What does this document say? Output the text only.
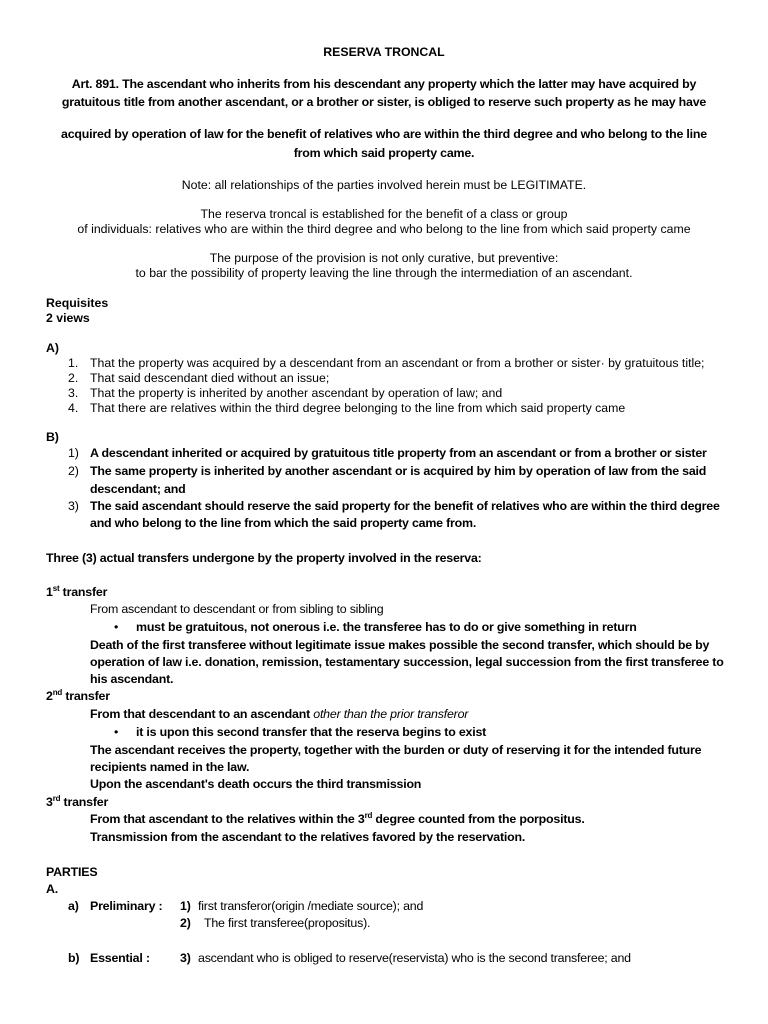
RESERVA TRONCAL
Art. 891. The ascendant who inherits from his descendant any property which the latter may have acquired by
gratuitous title from another ascendant, or a brother or sister, is obliged to reserve such property as he may have
acquired by operation of law for the benefit of relatives who are within the third degree and who belong to the line
from which said property came.
Note: all relationships of the parties involved herein must be LEGITIMATE.
The reserva troncal is established for the benefit of a class or group
of individuals: relatives who are within the third degree and who belong to the line from which said property came
The purpose of the provision is not only curative, but preventive:
to bar the possibility of property leaving the line through the intermediation of an ascendant.
Requisites
2 views
A)
1. That the property was acquired by a descendant from an ascendant or from a brother or sister· by gratuitous title;
2. That said descendant died without an issue;
3. That the property is inherited by another ascendant by operation of law; and
4. That there are relatives within the third degree belonging to the line from which said property came
B)
1) A descendant inherited or acquired by gratuitous title property from an ascendant or from a brother or sister
2) The same property is inherited by another ascendant or is acquired by him by operation of law from the said
descendant; and
3) The said ascendant should reserve the said property for the benefit of relatives who are within the third degree
and who belong to the line from which the said property came from.
Three (3) actual transfers undergone by the property involved in the reserva:
1st transfer
From ascendant to descendant or from sibling to sibling
• must be gratuitous, not onerous i.e. the transferee has to do or give something in return
Death of the first transferee without legitimate issue makes possible the second transfer, which should be by
operation of law i.e. donation, remission, testamentary succession, legal succession from the first transferee to
his ascendant.
2nd transfer
From that descendant to an ascendant other than the prior transferor
• it is upon this second transfer that the reserva begins to exist
The ascendant receives the property, together with the burden or duty of reserving it for the intended future
recipients named in the law.
Upon the ascendant's death occurs the third transmission
3rd transfer
From that ascendant to the relatives within the 3rd degree counted from the porpositus.
Transmission from the ascendant to the relatives favored by the reservation.
PARTIES
A.
a) Preliminary : 1) first transferor(origin /mediate source); and
2) The first transferee(propositus).
b) Essential : 3) ascendant who is obliged to reserve(reservista) who is the second transferee; and
